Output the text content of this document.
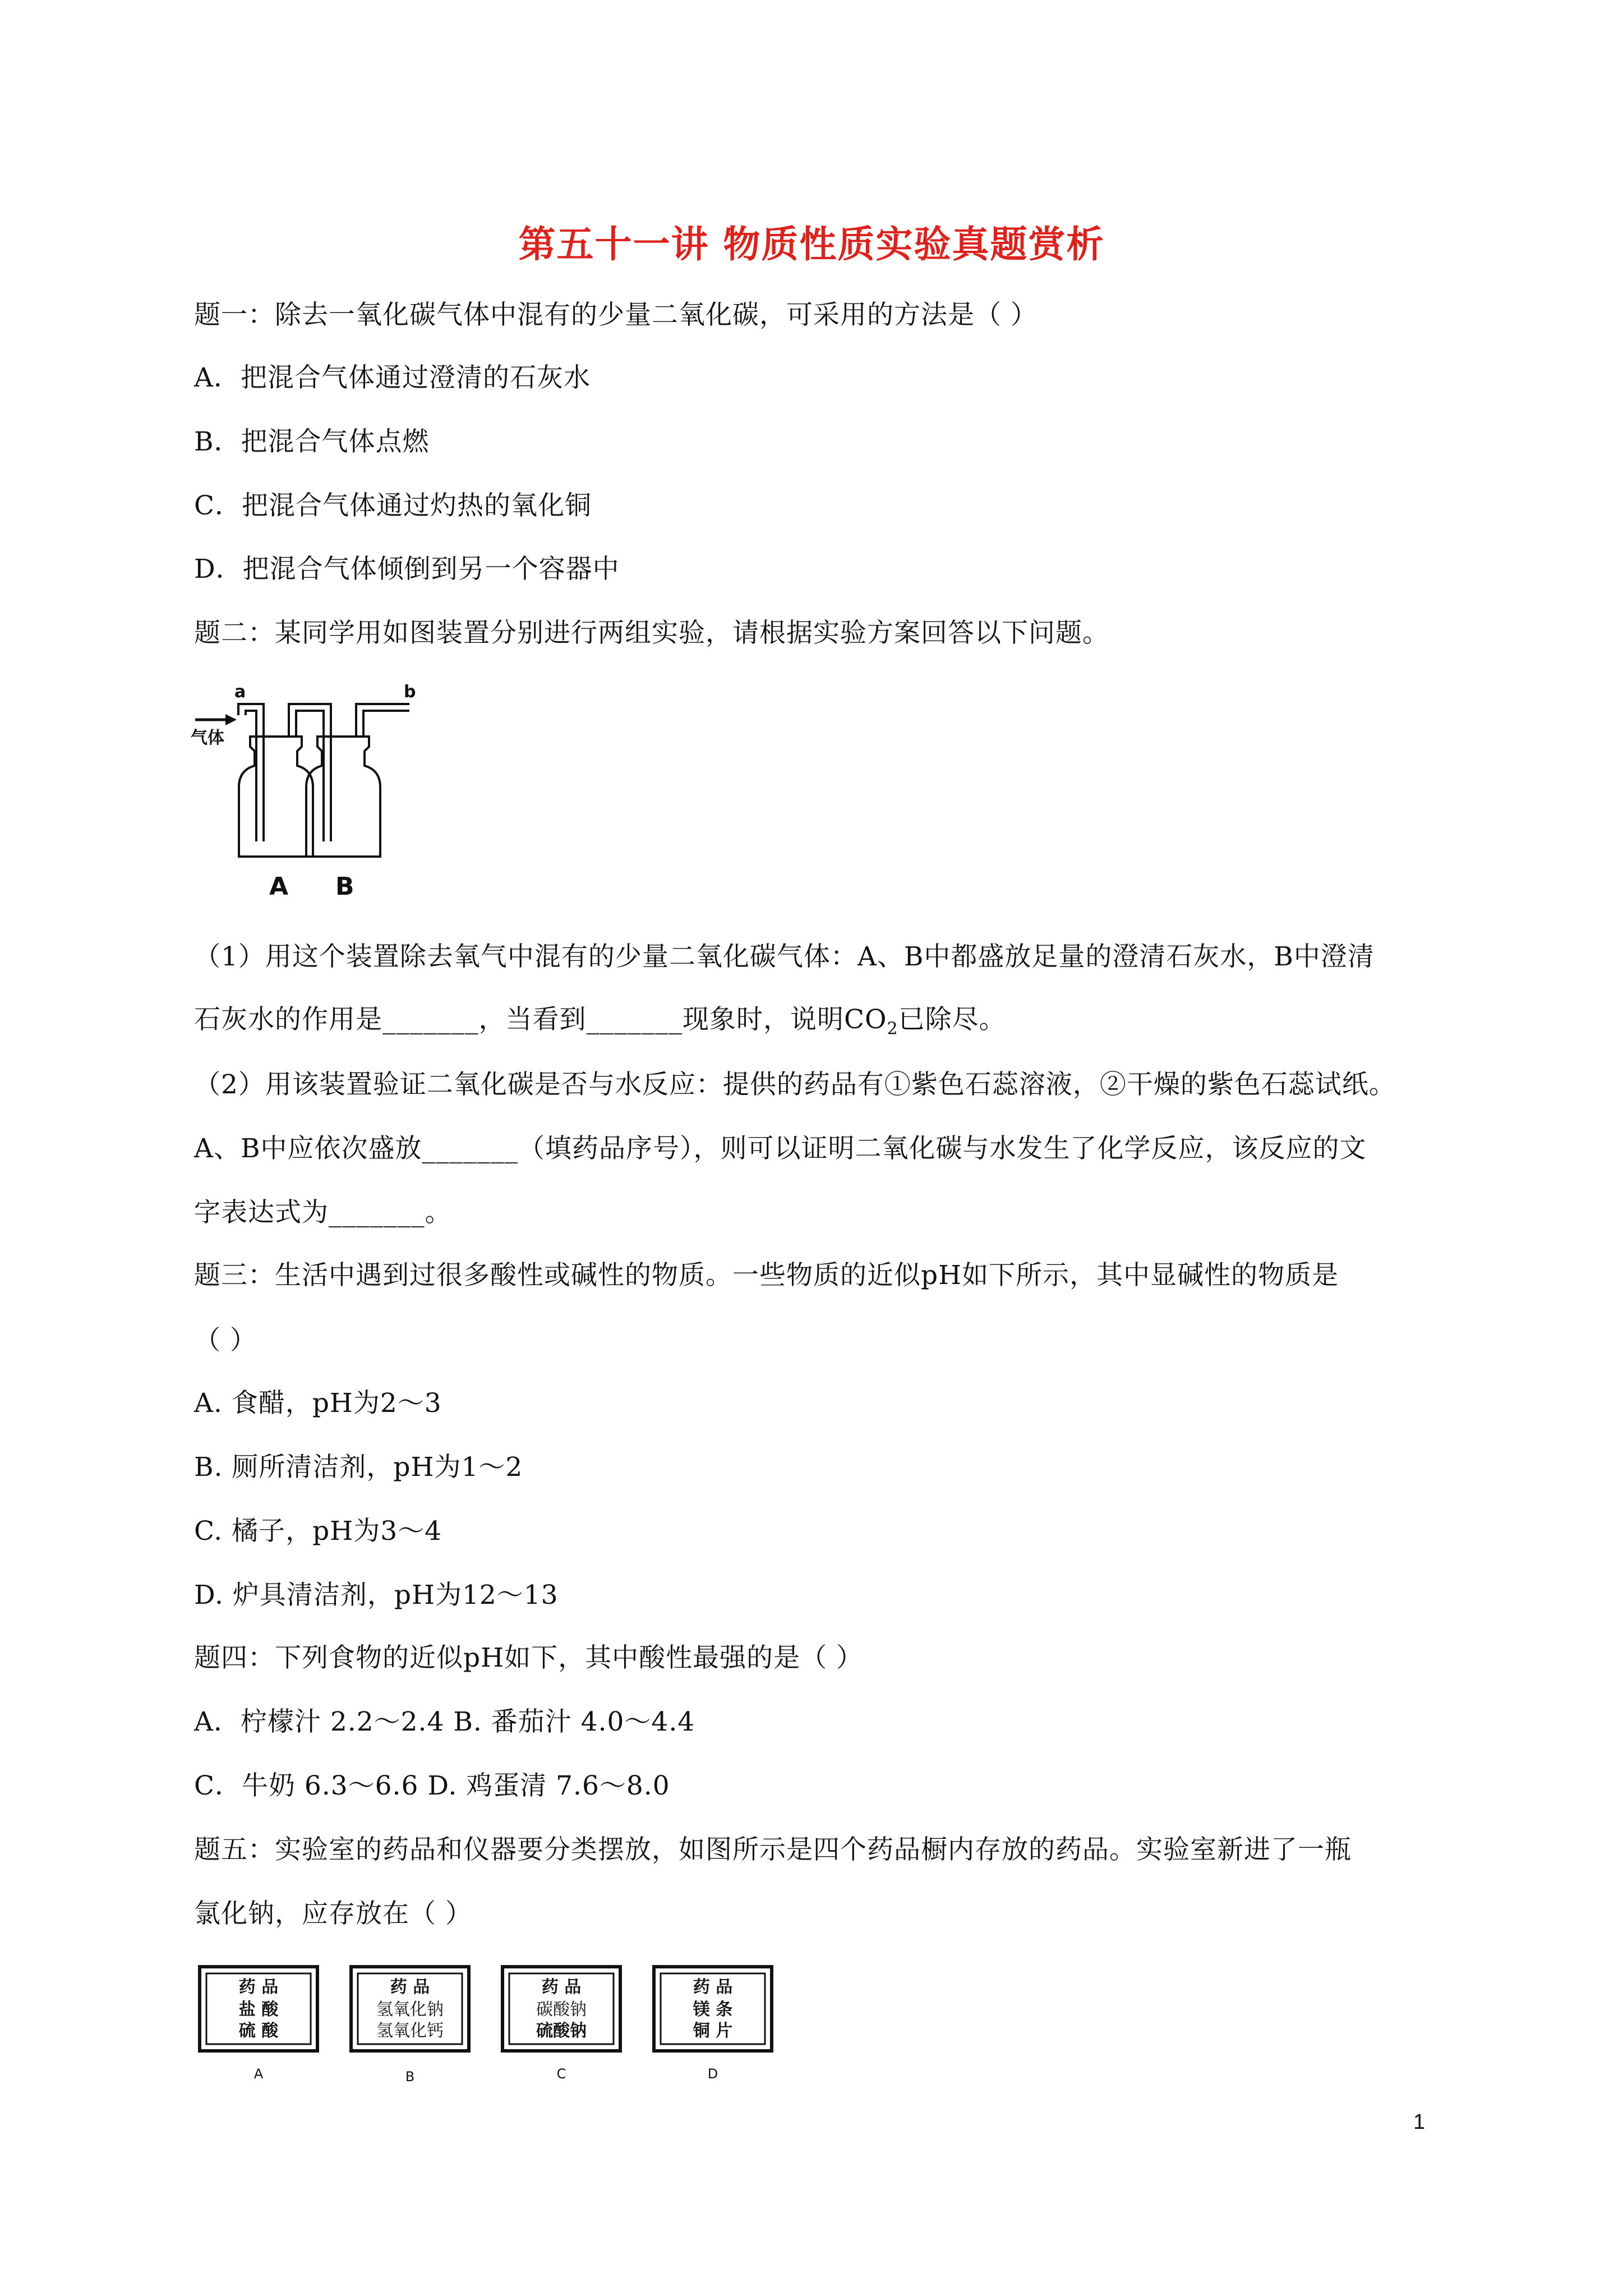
第五十一讲 物质性质实验真题赏析
题一：除去一氧化碳气体中混有的少量二氧化碳，可采用的方法是（ ）
A．把混合气体通过澄清的石灰水
B．把混合气体点燃
C．把混合气体通过灼热的氧化铜
D．把混合气体倾倒到另一个容器中
题二：某同学用如图装置分别进行两组实验，请根据实验方案回答以下问题。
a	b
气体
A B
（1）用这个装置除去氧气中混有的少量二氧化碳气体：A、B中都盛放足量的澄清石灰水，B中澄清
石灰水的作用是_______，当看到_______现象时，说明$CO_2$已除尽。
（2）用该装置验证二氧化碳是否与水反应：提供的药品有①紫色石蕊溶液，②干燥的紫色石蕊试纸。
A、B中应依次盛放_______（填药品序号），则可以证明二氧化碳与水发生了化学反应，该反应的文
字表达式为_______。
题三：生活中遇到过很多酸性或碱性的物质。一些物质的近似pH如下所示，其中显碱性的物质是
（ ）
A. 食醋，pH为2～3
B. 厕所清洁剂，pH为1～2
C. 橘子，pH为3～4
D. 炉具清洁剂，pH为12～13
题四：下列食物的近似pH如下，其中酸性最强的是（ ）
A．柠檬汁 2.2～2.4 B. 番茄汁 4.0～4.4
C．牛奶 6.3～6.6 D. 鸡蛋清 7.6～8.0
题五：实验室的药品和仪器要分类摆放，如图所示是四个药品橱内存放的药品。实验室新进了一瓶
氯化钠，应存放在（ ）
药 品
盐 酸
硫 酸
A
药 品
氢氧化钠
氢氧化钙
B
药 品
碳酸钠
硫酸钠
C
药 品
镁 条
铜 片
D
1
